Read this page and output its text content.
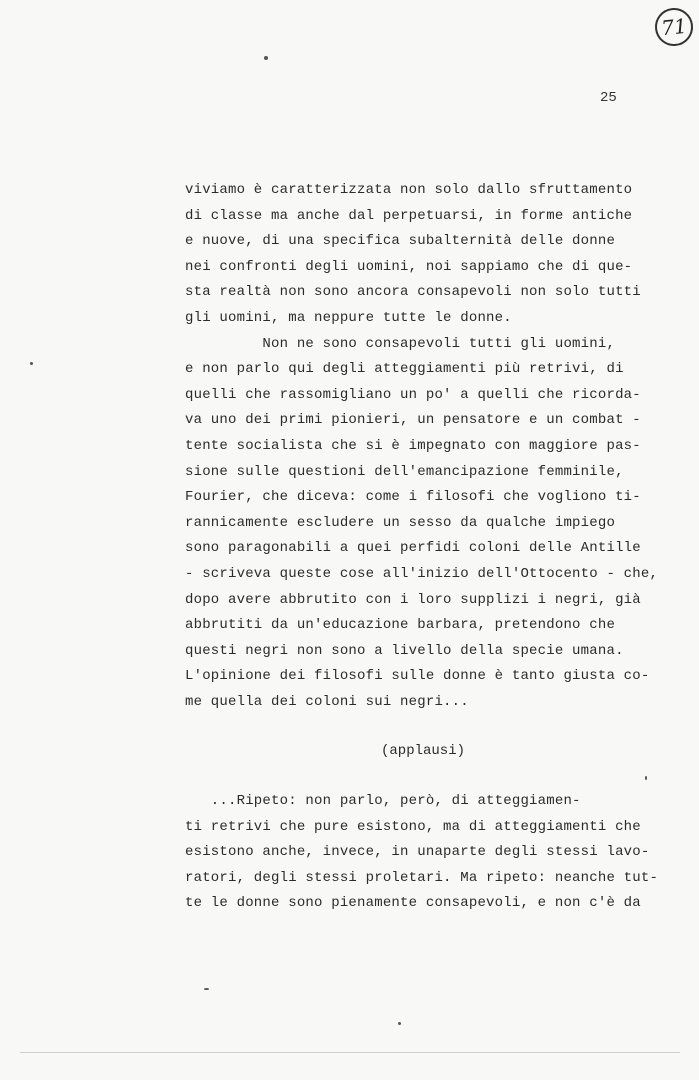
71
25
viviamo è caratterizzata non solo dallo sfruttamento
di classe ma anche dal perpetuarsi, in forme antiche
e nuove, di una specifica subalternità delle donne
nei confronti degli uomini, noi sappiamo che di que-
sta realtà non sono ancora consapevoli non solo tutti
gli uomini, ma neppure tutte le donne.
Non ne sono consapevoli tutti gli uomini,
e non parlo qui degli atteggiamenti più retrivi, di
quelli che rassomigliano un po' a quelli che ricorda-
va uno dei primi pionieri, un pensatore e un combat -
tente socialista che si è impegnato con maggiore pas-
sione sulle questioni dell'emancipazione femminile,
Fourier, che diceva: come i filosofi che vogliono ti-
rannicamente escludere un sesso da qualche impiego
sono paragonabili a quei perfidi coloni delle Antille
- scriveva queste cose all'inizio dell'Ottocento - che,
dopo avere abbrutito con i loro supplizi i negri, già
abbrutiti da un'educazione barbara, pretendono che
questi negri non sono a livello della specie umana.
L'opinione dei filosofi sulle donne è tanto giusta co-
me quella dei coloni sui negri...
(applausi)
...Ripeto: non parlo, però, di atteggiamen-
ti retrivi che pure esistono, ma di atteggiamenti che
esistono anche, invece, in unaparte degli stessi lavo-
ratori, degli stessi proletari. Ma ripeto: neanche tut-
te le donne sono pienamente consapevoli, e non c'è da
